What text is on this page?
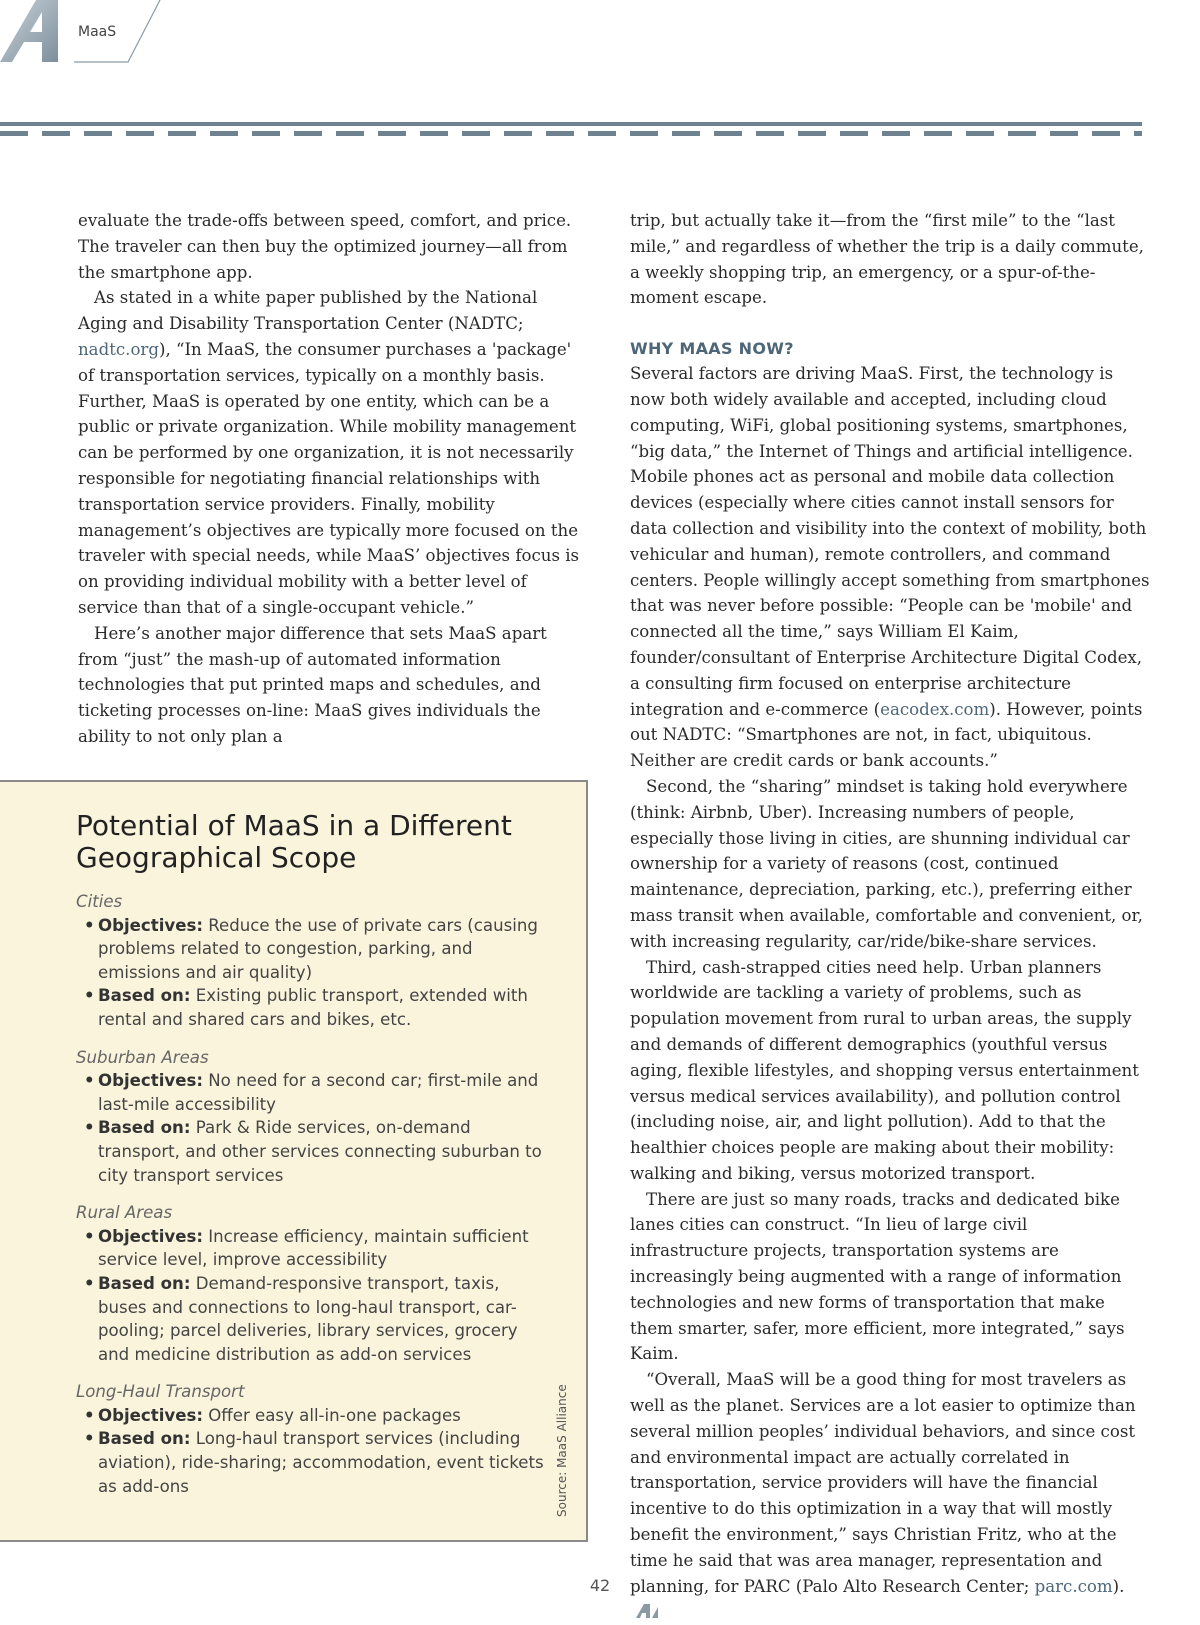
MaaS

evaluate the trade-offs between speed, comfort, and price. The traveler can then buy the optimized journey—all from the smartphone app.

As stated in a white paper published by the National Aging and Disability Transportation Center (NADTC; nadtc.org), “In MaaS, the consumer purchases a 'package' of transportation services, typically on a monthly basis. Further, MaaS is operated by one entity, which can be a public or private organization. While mobility management can be performed by one organization, it is not necessarily responsible for negotiating financial relationships with transportation service providers. Finally, mobility management’s objectives are typically more focused on the traveler with special needs, while MaaS’ objectives focus is on providing individual mobility with a better level of service than that of a single-occupant vehicle.”

Here’s another major difference that sets MaaS apart from “just” the mash-up of automated information technologies that put printed maps and schedules, and ticketing processes on-line: MaaS gives individuals the ability to not only plan a

trip, but actually take it—from the “first mile” to the “last mile,” and regardless of whether the trip is a daily commute, a weekly shopping trip, an emergency, or a spur-of-the-moment escape.

WHY MAAS NOW?

Several factors are driving MaaS. First, the technology is now both widely available and accepted, including cloud computing, WiFi, global positioning systems, smartphones, “big data,” the Internet of Things and artificial intelligence. Mobile phones act as personal and mobile data collection devices (especially where cities cannot install sensors for data collection and visibility into the context of mobility, both vehicular and human), remote controllers, and command centers. People willingly accept something from smartphones that was never before possible: “People can be 'mobile' and connected all the time,” says William El Kaim, founder/consultant of Enterprise Architecture Digital Codex, a consulting firm focused on enterprise architecture integration and e-commerce (eacodex.com). However, points out NADTC: “Smartphones are not, in fact, ubiquitous. Neither are credit cards or bank accounts.”

Second, the “sharing” mindset is taking hold everywhere (think: Airbnb, Uber). Increasing numbers of people, especially those living in cities, are shunning individual car ownership for a variety of reasons (cost, continued maintenance, depreciation, parking, etc.), preferring either mass transit when available, comfortable and convenient, or, with increasing regularity, car/ride/bike-share services.

Third, cash-strapped cities need help. Urban planners worldwide are tackling a variety of problems, such as population movement from rural to urban areas, the supply and demands of different demographics (youthful versus aging, flexible lifestyles, and shopping versus entertainment versus medical services availability), and pollution control (including noise, air, and light pollution). Add to that the healthier choices people are making about their mobility: walking and biking, versus motorized transport.

There are just so many roads, tracks and dedicated bike lanes cities can construct. “In lieu of large civil infrastructure projects, transportation systems are increasingly being augmented with a range of information technologies and new forms of transportation that make them smarter, safer, more efficient, more integrated,” says Kaim.

“Overall, MaaS will be a good thing for most travelers as well as the planet. Services are a lot easier to optimize than several million peoples’ individual behaviors, and since cost and environmental impact are actually correlated in transportation, service providers will have the financial incentive to do this optimization in a way that will mostly benefit the environment,” says Christian Fritz, who at the time he said that was area manager, representation and planning, for PARC (Palo Alto Research Center; parc.com).

Potential of MaaS in a Different Geographical Scope

Cities

• Objectives: Reduce the use of private cars (causing problems related to congestion, parking, and emissions and air quality)
• Based on: Existing public transport, extended with rental and shared cars and bikes, etc.

Suburban Areas

• Objectives: No need for a second car; first-mile and last-mile accessibility
• Based on: Park & Ride services, on-demand transport, and other services connecting suburban to city transport services

Rural Areas

• Objectives: Increase efficiency, maintain sufficient service level, improve accessibility
• Based on: Demand-responsive transport, taxis, buses and connections to long-haul transport, car-pooling; parcel deliveries, library services, grocery and medicine distribution as add-on services

Long-Haul Transport

• Objectives: Offer easy all-in-one packages
• Based on: Long-haul transport services (including aviation), ride-sharing; accommodation, event tickets as add-ons	Source: MaaS Alliance
42
